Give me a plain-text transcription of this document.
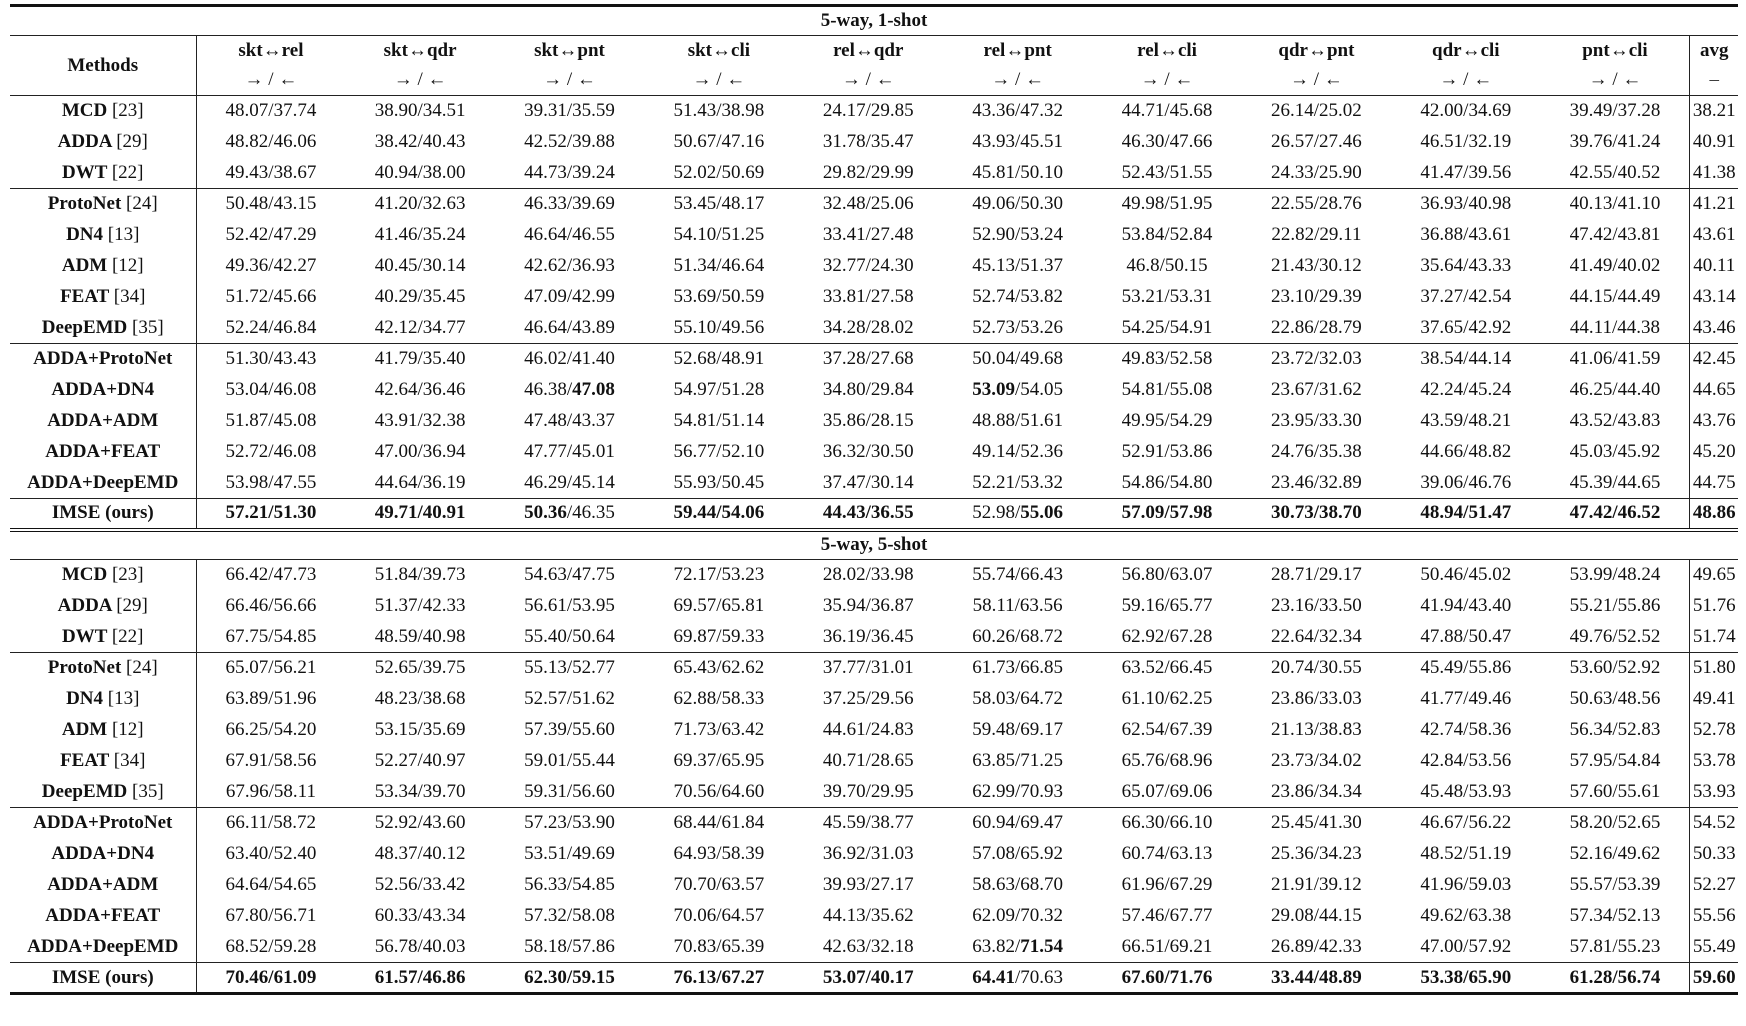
5-way, 1-shot											
Methods	skt↔rel	skt↔qdr	skt↔pnt	skt↔cli	rel↔qdr	rel↔pnt	rel↔cli	qdr↔pnt	qdr↔cli	pnt↔cli	avg
	→ / ←	→ / ←	→ / ←	→ / ←	→ / ←	→ / ←	→ / ←	→ / ←	→ / ←	→ / ←	–
MCD [23]	48.07/37.74	38.90/34.51	39.31/35.59	51.43/38.98	24.17/29.85	43.36/47.32	44.71/45.68	26.14/25.02	42.00/34.69	39.49/37.28	38.21
ADDA [29]	48.82/46.06	38.42/40.43	42.52/39.88	50.67/47.16	31.78/35.47	43.93/45.51	46.30/47.66	26.57/27.46	46.51/32.19	39.76/41.24	40.91
DWT [22]	49.43/38.67	40.94/38.00	44.73/39.24	52.02/50.69	29.82/29.99	45.81/50.10	52.43/51.55	24.33/25.90	41.47/39.56	42.55/40.52	41.38
ProtoNet [24]	50.48/43.15	41.20/32.63	46.33/39.69	53.45/48.17	32.48/25.06	49.06/50.30	49.98/51.95	22.55/28.76	36.93/40.98	40.13/41.10	41.21
DN4 [13]	52.42/47.29	41.46/35.24	46.64/46.55	54.10/51.25	33.41/27.48	52.90/53.24	53.84/52.84	22.82/29.11	36.88/43.61	47.42/43.81	43.61
ADM [12]	49.36/42.27	40.45/30.14	42.62/36.93	51.34/46.64	32.77/24.30	45.13/51.37	46.8/50.15	21.43/30.12	35.64/43.33	41.49/40.02	40.11
FEAT [34]	51.72/45.66	40.29/35.45	47.09/42.99	53.69/50.59	33.81/27.58	52.74/53.82	53.21/53.31	23.10/29.39	37.27/42.54	44.15/44.49	43.14
DeepEMD [35]	52.24/46.84	42.12/34.77	46.64/43.89	55.10/49.56	34.28/28.02	52.73/53.26	54.25/54.91	22.86/28.79	37.65/42.92	44.11/44.38	43.46
ADDA+ProtoNet	51.30/43.43	41.79/35.40	46.02/41.40	52.68/48.91	37.28/27.68	50.04/49.68	49.83/52.58	23.72/32.03	38.54/44.14	41.06/41.59	42.45
ADDA+DN4	53.04/46.08	42.64/36.46	46.38/47.08	54.97/51.28	34.80/29.84	53.09/54.05	54.81/55.08	23.67/31.62	42.24/45.24	46.25/44.40	44.65
ADDA+ADM	51.87/45.08	43.91/32.38	47.48/43.37	54.81/51.14	35.86/28.15	48.88/51.61	49.95/54.29	23.95/33.30	43.59/48.21	43.52/43.83	43.76
ADDA+FEAT	52.72/46.08	47.00/36.94	47.77/45.01	56.77/52.10	36.32/30.50	49.14/52.36	52.91/53.86	24.76/35.38	44.66/48.82	45.03/45.92	45.20
ADDA+DeepEMD	53.98/47.55	44.64/36.19	46.29/45.14	55.93/50.45	37.47/30.14	52.21/53.32	54.86/54.80	23.46/32.89	39.06/46.76	45.39/44.65	44.75
IMSE (ours)	57.21/51.30	49.71/40.91	50.36/46.35	59.44/54.06	44.43/36.55	52.98/55.06	57.09/57.98	30.73/38.70	48.94/51.47	47.42/46.52	48.86
5-way, 5-shot											
MCD [23]	66.42/47.73	51.84/39.73	54.63/47.75	72.17/53.23	28.02/33.98	55.74/66.43	56.80/63.07	28.71/29.17	50.46/45.02	53.99/48.24	49.65
ADDA [29]	66.46/56.66	51.37/42.33	56.61/53.95	69.57/65.81	35.94/36.87	58.11/63.56	59.16/65.77	23.16/33.50	41.94/43.40	55.21/55.86	51.76
DWT [22]	67.75/54.85	48.59/40.98	55.40/50.64	69.87/59.33	36.19/36.45	60.26/68.72	62.92/67.28	22.64/32.34	47.88/50.47	49.76/52.52	51.74
ProtoNet [24]	65.07/56.21	52.65/39.75	55.13/52.77	65.43/62.62	37.77/31.01	61.73/66.85	63.52/66.45	20.74/30.55	45.49/55.86	53.60/52.92	51.80
DN4 [13]	63.89/51.96	48.23/38.68	52.57/51.62	62.88/58.33	37.25/29.56	58.03/64.72	61.10/62.25	23.86/33.03	41.77/49.46	50.63/48.56	49.41
ADM [12]	66.25/54.20	53.15/35.69	57.39/55.60	71.73/63.42	44.61/24.83	59.48/69.17	62.54/67.39	21.13/38.83	42.74/58.36	56.34/52.83	52.78
FEAT [34]	67.91/58.56	52.27/40.97	59.01/55.44	69.37/65.95	40.71/28.65	63.85/71.25	65.76/68.96	23.73/34.02	42.84/53.56	57.95/54.84	53.78
DeepEMD [35]	67.96/58.11	53.34/39.70	59.31/56.60	70.56/64.60	39.70/29.95	62.99/70.93	65.07/69.06	23.86/34.34	45.48/53.93	57.60/55.61	53.93
ADDA+ProtoNet	66.11/58.72	52.92/43.60	57.23/53.90	68.44/61.84	45.59/38.77	60.94/69.47	66.30/66.10	25.45/41.30	46.67/56.22	58.20/52.65	54.52
ADDA+DN4	63.40/52.40	48.37/40.12	53.51/49.69	64.93/58.39	36.92/31.03	57.08/65.92	60.74/63.13	25.36/34.23	48.52/51.19	52.16/49.62	50.33
ADDA+ADM	64.64/54.65	52.56/33.42	56.33/54.85	70.70/63.57	39.93/27.17	58.63/68.70	61.96/67.29	21.91/39.12	41.96/59.03	55.57/53.39	52.27
ADDA+FEAT	67.80/56.71	60.33/43.34	57.32/58.08	70.06/64.57	44.13/35.62	62.09/70.32	57.46/67.77	29.08/44.15	49.62/63.38	57.34/52.13	55.56
ADDA+DeepEMD	68.52/59.28	56.78/40.03	58.18/57.86	70.83/65.39	42.63/32.18	63.82/71.54	66.51/69.21	26.89/42.33	47.00/57.92	57.81/55.23	55.49
IMSE (ours)	70.46/61.09	61.57/46.86	62.30/59.15	76.13/67.27	53.07/40.17	64.41/70.63	67.60/71.76	33.44/48.89	53.38/65.90	61.28/56.74	59.60
